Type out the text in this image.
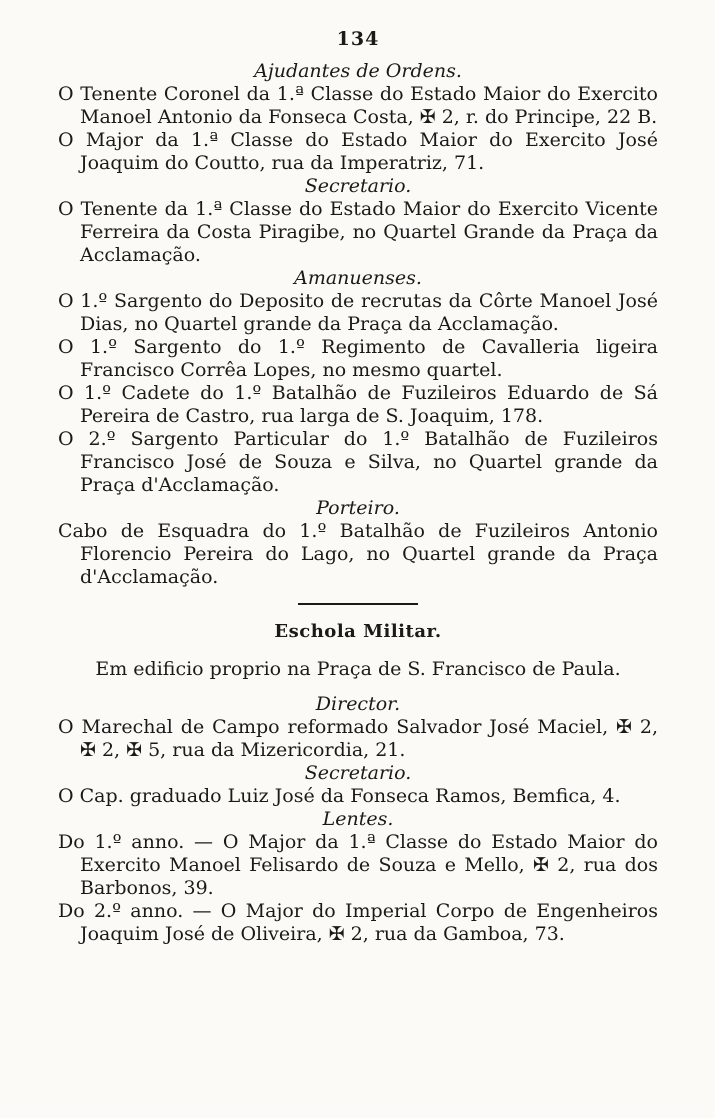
134

Ajudantes de Ordens.

O Tenente Coronel da 1.ª Classe do Estado Maior do Exercito Manoel Antonio da Fonseca Costa, ✠ 2, r. do Principe, 22 B.

O Major da 1.ª Classe do Estado Maior do Exercito José Joaquim do Coutto, rua da Imperatriz, 71.

Secretario.

O Tenente da 1.ª Classe do Estado Maior do Exercito Vicente Ferreira da Costa Piragibe, no Quartel Grande da Praça da Acclamação.

Amanuenses.

O 1.º Sargento do Deposito de recrutas da Côrte Manoel José Dias, no Quartel grande da Praça da Acclamação.

O 1.º Sargento do 1.º Regimento de Cavalleria ligeira Francisco Corrêa Lopes, no mesmo quartel.

O 1.º Cadete do 1.º Batalhão de Fuzileiros Eduardo de Sá Pereira de Castro, rua larga de S. Joaquim, 178.

O 2.º Sargento Particular do 1.º Batalhão de Fuzileiros Francisco José de Souza e Silva, no Quartel grande da Praça d'Acclamação.

Porteiro.

Cabo de Esquadra do 1.º Batalhão de Fuzileiros Antonio Florencio Pereira do Lago, no Quartel grande da Praça d'Acclamação.

Eschola Militar.

Em edificio proprio na Praça de S. Francisco de Paula.

Director.

O Marechal de Campo reformado Salvador José Maciel, ✠ 2, ✠ 2, ✠ 5, rua da Mizericordia, 21.

Secretario.

O Cap. graduado Luiz José da Fonseca Ramos, Bemfica, 4.

Lentes.

Do 1.º anno. — O Major da 1.ª Classe do Estado Maior do Exercito Manoel Felisardo de Souza e Mello, ✠ 2, rua dos Barbonos, 39.

Do 2.º anno. — O Major do Imperial Corpo de Engenheiros Joaquim José de Oliveira, ✠ 2, rua da Gamboa, 73.
